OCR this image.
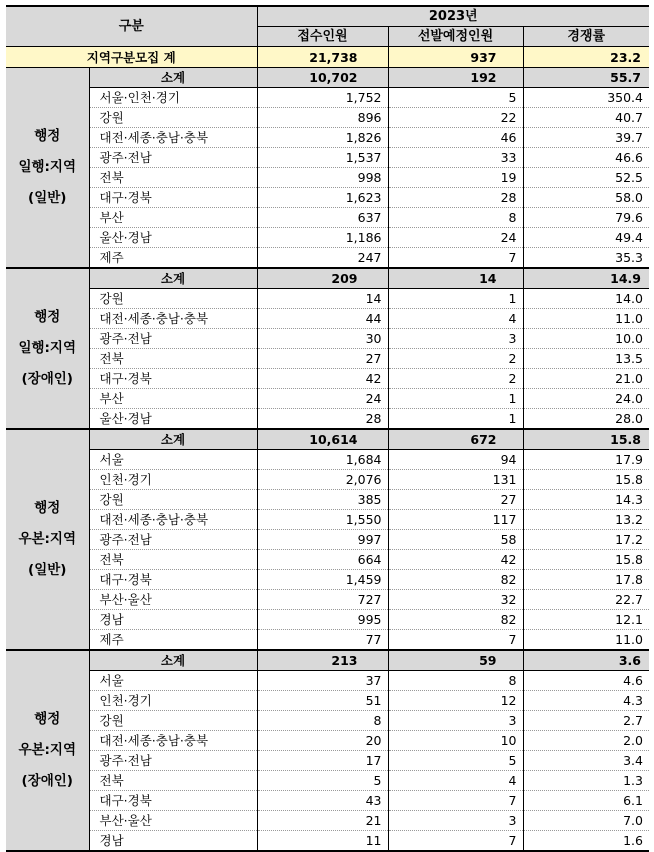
구분		2023년		
		접수인원	선발예정인원	경쟁률
지역구분모집 계		21,738	937	23.2

행정
일행:지역
(일반)	소계	10,702	192	55.7
	서울·인천·경기	1,752	5	350.4
	강원	896	22	40.7
	대전·세종·충남·충북	1,826	46	39.7
	광주·전남	1,537	33	46.6
	전북	998	19	52.5
	대구·경북	1,623	28	58.0
	부산	637	8	79.6
	울산·경남	1,186	24	49.4
	제주	247	7	35.3

행정
일행:지역
(장애인)	소계	209	14	14.9
	강원	14	1	14.0
	대전·세종·충남·충북	44	4	11.0
	광주·전남	30	3	10.0
	전북	27	2	13.5
	대구·경북	42	2	21.0
	부산	24	1	24.0
	울산·경남	28	1	28.0

행정
우본:지역
(일반)	소계	10,614	672	15.8
	서울	1,684	94	17.9
	인천·경기	2,076	131	15.8
	강원	385	27	14.3
	대전·세종·충남·충북	1,550	117	13.2
	광주·전남	997	58	17.2
	전북	664	42	15.8
	대구·경북	1,459	82	17.8
	부산·울산	727	32	22.7
	경남	995	82	12.1
	제주	77	7	11.0

행정
우본:지역
(장애인)	소계	213	59	3.6
	서울	37	8	4.6
	인천·경기	51	12	4.3
	강원	8	3	2.7
	대전·세종·충남·충북	20	10	2.0
	광주·전남	17	5	3.4
	전북	5	4	1.3
	대구·경북	43	7	6.1
	부산·울산	21	3	7.0
	경남	11	7	1.6
